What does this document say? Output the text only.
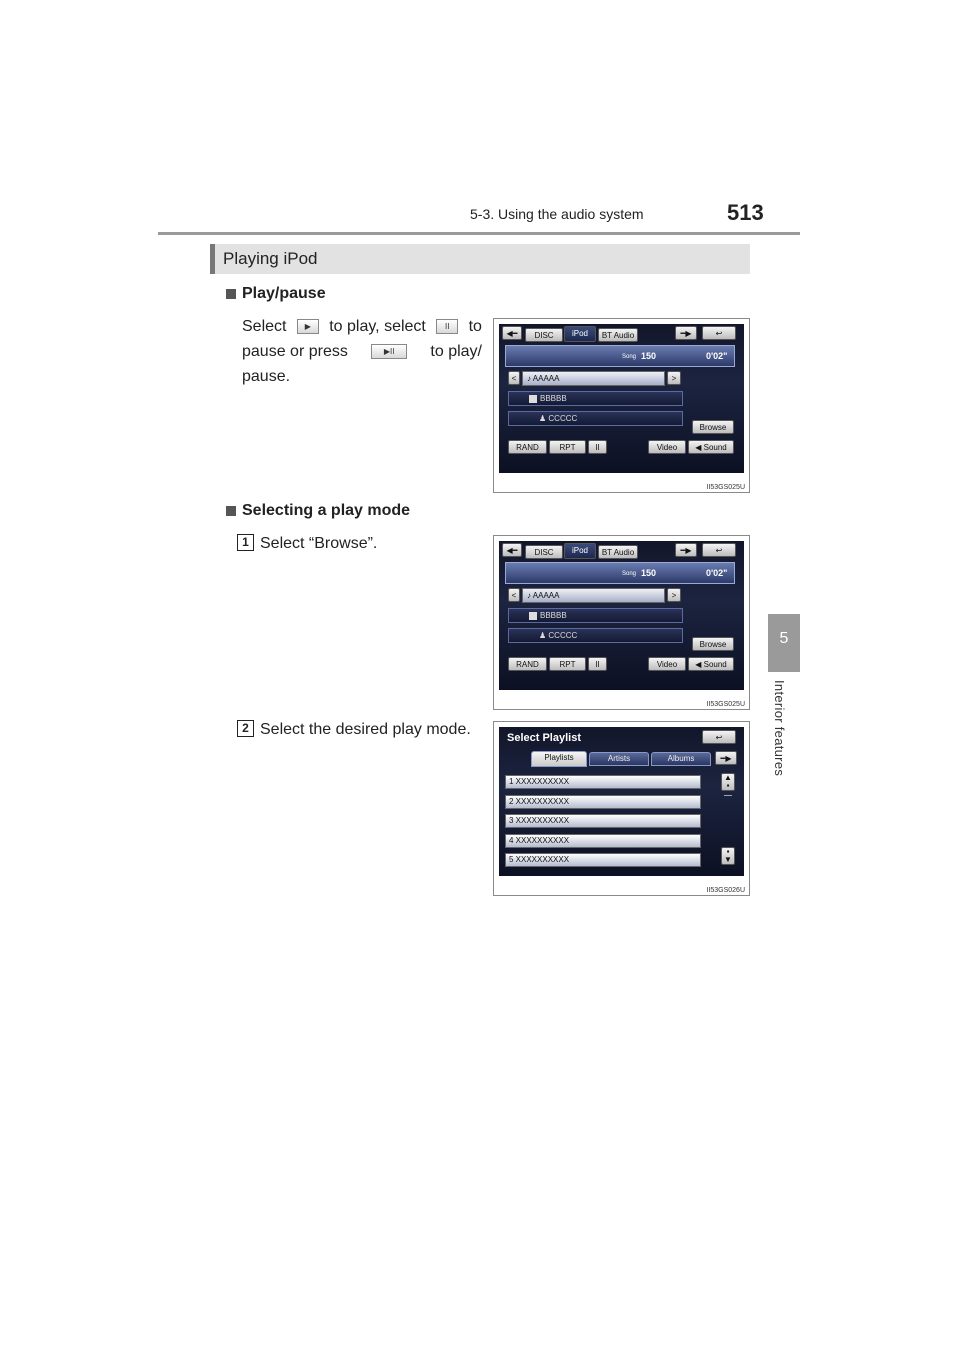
5-3. Using the audio system	513
5
Interior features
Playing iPod
Play/pause
Select	▶	to play, select	II	to
pause or press	▶II	to play/
pause.
◀━	DISC	iPod	BT Audio	━▶	↩
Song 150	0'02"
<	♪ AAAAA	>
BBBBB
♟ CCCCC
Browse
RAND	RPT	II	Video	◀ Sound
II53GS025U
Selecting a play mode
1 Select “Browse”.	◀━	DISC	iPod	BT Audio	━▶	↩
Song 150	0'02"
<	♪ AAAAA	>
BBBBB
♟ CCCCC
Browse
RAND	RPT	II	Video	◀ Sound
II53GS025U
2 Select the desired play mode.	Select Playlist	↩
Playlists	Artists	Albums	━▶
1 XXXXXXXXXX
2 XXXXXXXXXX
3 XXXXXXXXXX
4 XXXXXXXXXX
5 XXXXXXXXXX
▲
▪
▪
▼
II53GS026U
